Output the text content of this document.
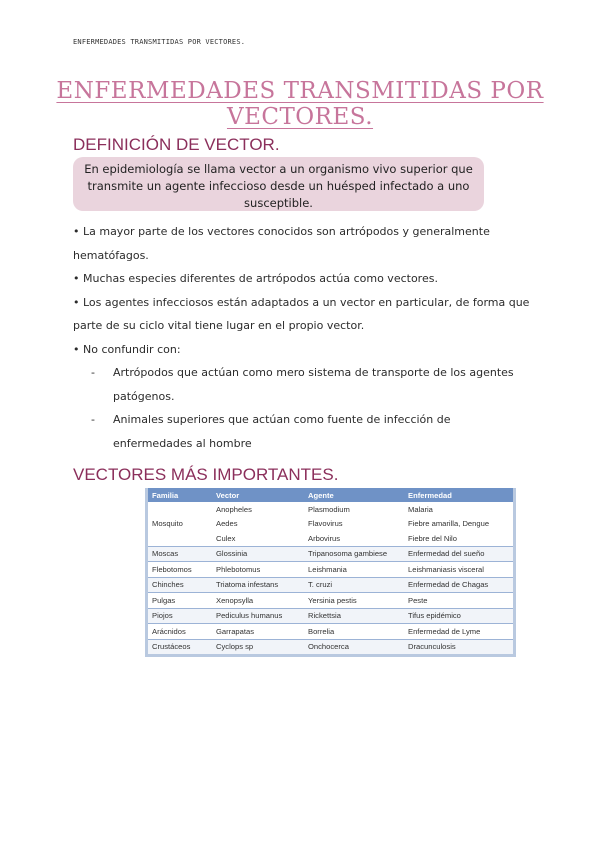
ENFERMEDADES TRANSMITIDAS POR VECTORES.
ENFERMEDADES TRANSMITIDAS POR VECTORES.
DEFINICIÓN DE VECTOR.
En epidemiología se llama vector a un organismo vivo superior que transmite un agente infeccioso desde un huésped infectado a uno susceptible.

• La mayor parte de los vectores conocidos son artrópodos y generalmente hematófagos.

• Muchas especies diferentes de artrópodos actúa como vectores.

• Los agentes infecciosos están adaptados a un vector en particular, de forma que parte de su ciclo vital tiene lugar en el propio vector.

• No confundir con:

- Artrópodos que actúan como mero sistema de transporte de los agentes patógenos.

- Animales superiores que actúan como fuente de infección de enfermedades al hombre

VECTORES MÁS IMPORTANTES.
Familia	Vector	Agente	Enfermedad
Mosquito	Anopheles	Plasmodium	Malaria
	Aedes	Flavovirus	Fiebre amarilla, Dengue
	Culex	Arbovirus	Fiebre del Nilo
Moscas	Glossinia	Tripanosoma gambiese	Enfermedad del sueño
Flebotomos	Phlebotomus	Leishmania	Leishmaniasis visceral
Chinches	Triatoma infestans	T. cruzi	Enfermedad de Chagas
Pulgas	Xenopsylla	Yersinia pestis	Peste
Piojos	Pediculus humanus	Rickettsia	Tifus epidémico
Arácnidos	Garrapatas	Borrelia	Enfermedad de Lyme
Crustáceos	Cyclops sp	Onchocerca	Dracunculosis
